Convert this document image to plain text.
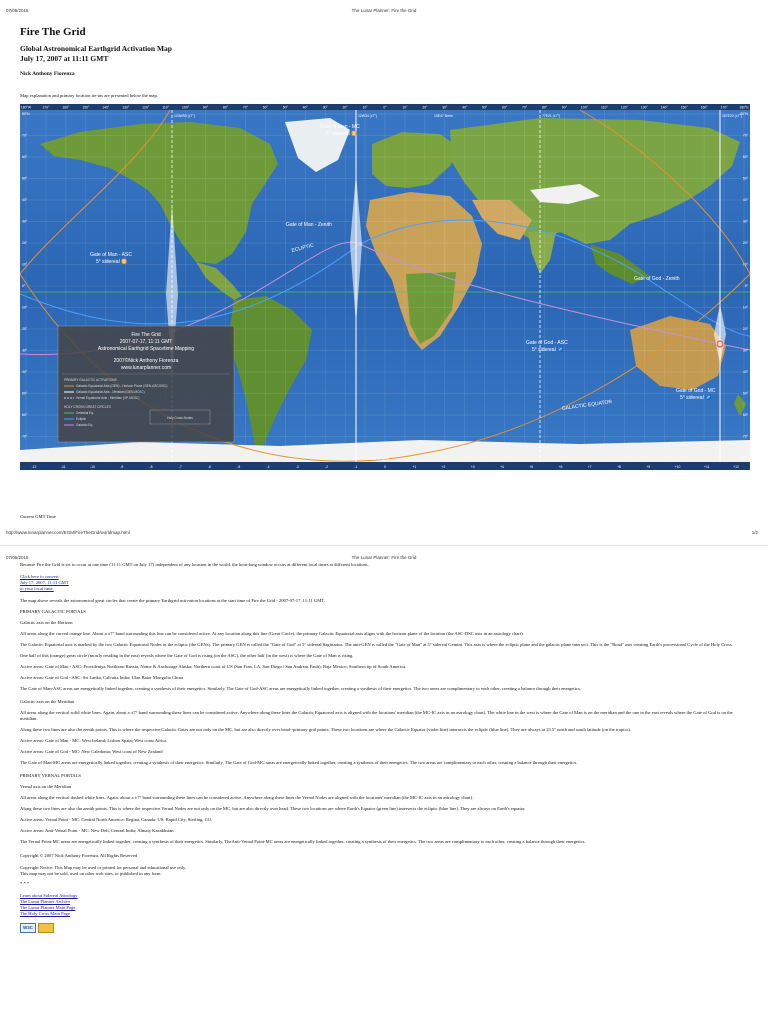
07/05/2015	The Lunar Planner: Fire the Grid
Fire The Grid
Global Astronomical Earthgrid Activation Map
July 17, 2007 at 11:11 GMT
Nick Anthony Fiorenza
Map explanation and primary location tie-ins are presented below the map.
Gate of Man - MC
5° sidereal ♊
Gate of Man - Zenith
Gate of Man - ASC
5° sidereal ♊
ECLIPTIC
Gate of God - Zenith
Gate of God - ASC
5° sidereal ♐
Gate of God - MC
5° sidereal ♐
GALACTIC EQUATOR
TIME ZONES
Fire The Grid
2007-07-17, 11:11 GMT
Astronomical Earthgrid Spacetime Mapping
2007©Nick Anthony Fiorenza
www.lunarplanner.com
PRIMARY GALACTIC ACTIVATIONS
Galactic Equatorial Axis (GEN) - Horizon Plane (GEN-ASC/DSC)
Galactic Equatorial Axis - Meridian (GEN-MC/IC)
Vernal Equatorial Axis - Meridian (VP-MC/IC)
HOLY CROSS GREAT CIRCLES
Celestial Eq.
Ecliptic
Galactic Eq.
Holy Cross Nodes
180°W	170°	160°	150°	140°	130°	120°	110°	100°	90°	80°	70°	60°	50°	40°	30°	20°	10°	0°	10°	20°	30°	40°	50°	60°	70°	80°	90°	100°	110°	120°	130°	140°	150°	160°	170°	180°E
-12	-11	-10	-9	-8	-7	-6	-5	-4	-3	-2	-1	0	+1	+2	+3	+4	+5	+6	+7	+8	+9	+10	+11	+12
80°N	80°N
70°	70°
60°	60°
50°	50°
40°	40°
30°	30°
20°	20°
10°	10°
0°	0°
10°	10°
20°	20°
30°	30°
40°	40°
50°	50°
60°	60°
70°	70°
80°S	80°S
103W90 (±7°)	12W34 (±7°)	15E47 Nerm	77E21 (±7°)	167E20 (±7°)
Current GMT Time
http://www.lunarplanner.com/EGM/FireTheGrid/worldmap.html	1/2
07/05/2015	The Lunar Planner: Fire the Grid

Because Fire the Grid is set to occur at one time (11:11 GMT on July 17) independent of any location in the world, the hour-long window occurs at different local times at different locations.

Click here to convert
July 17, 2007, 11:11 GMT
to your local time.

The map above reveals the astronomical great circles that create the primary Earthgrid activation locations at the start time of Fire the Grid - 2007-07-17, 11:11 GMT.

PRIMARY GALACTIC PORTALS

Galactic axis on the Horizon

All areas along the curved orange line. About a ±7° band surrounding this line can be considered active. At any location along this line (Great Circle), the primary Galactic Equatorial axis aligns with the horizon plane of the location (the ASC-DSC axis in an astrology chart).

The Galactic Equatorial axis is marked by the two Galactic Equatorial Nodes in the ecliptic (the GENs). The primary GEN is called the "Gate of God" at 5° sidereal Sagittarius. The anti-GEN is called the "Gate of Man" at 5° sidereal Gemini. This axis is where the ecliptic plane and the galactic plane intersect. This is the "Road" axis creating Earth's processional Cycle of the Holy Cross.

One half of this (orange) great circle (mostly residing in the east) reveals where the Gate of God is rising (on the ASC), the other half (in the west) is where the Gate of Man is rising.

Active areas: Gate of Man - ASC: Providentya Northeast Russia; Nome & Anchorage Alaska; Northern coast of US (San Fran, LA, San Diego / San Andreas Fault); Baja Mexico; Southern tip of South America.

Active areas: Gate of God - ASC: Sri Lanka, Calcutta India; Ulan Bator Mongolia China

The Gate of Man-ASC areas are energetically linked together, creating a synthesis of their energetics. Similarly, The Gate of God-ASC areas are energetically linked together, creating a synthesis of their energetics. The two areas are complimentary to each other, creating a balance through their energetics.

Galactic axis on the Meridian

All areas along the vertical solid white lines. Again, about a ±7° band surrounding these lines can be considered active. Anywhere along these lines the Galactic Equatorial axis is aligned with the locations' meridian (the MC-IC axis in an astrology chart). The white line in the west is where the Gate of Man is on the meridian and the one in the east reveals where the Gate of God is on the meridian.

Along these two lines are also the zenith points. This is where the respective Galactic Gates are not only on the MC, but are also directly over head--primary grid points. These two locations are where the Galactic Equator (violet line) intersects the ecliptic (blue line). They are always at 23.5° north and south latitude (on the tropics).

Active areas: Gate of Man - MC: West Ireland; Lisbon Spain; West coast Africa

Active areas: Gate of God - MC: New Caledonia; West coast of New Zealand

The Gate of Man-MC areas are energetically linked together, creating a synthesis of their energetics. Similarly, The Gate of God-MC areas are energetically linked together, creating a synthesis of their energetics. The two areas are complimentary to each other, creating a balance through their energetics.

PRIMARY VERNAL PORTALS

Vernal axis on the Meridian

All areas along the vertical dashed white lines. Again, about a ±7° band surrounding these lines can be considered active. Anywhere along these lines the Vernal Nodes are aligned with the locations' meridian (the MC-IC axis in an astrology chart).

Along these two lines are also the zenith points. This is where the respective Vernal Nodes are not only on the MC, but are also directly over head. These two locations are where Earth's Equator (green line) intersects the ecliptic (blue line). They are always on Earth's equator.

Active areas: Vernal Point - MC: Central North America: Regina, Canada; US: Rapid City, Sterling, CO,

Active areas: Anti-Vernal Point - MC: New Deli, Central India; Almaty Kazakhstan

The Vernal Point-MC areas are energetically linked together, creating a synthesis of their energetics. Similarly, TheAnti-Vernal Point-MC areas are energetically linked together, creating a synthesis of their energetics. The two areas are complimentary to each other, creating a balance through their energetics.

Copyright © 2007 Nick Anthony Fiorenza, All Rights Reserved

Copyright Notice: This Map may be used or printed for personal and educational use only.

This map may not be sold, used on other web sites, or published in any form.

* * *

Learn about Sidereal Astrology
The Lunar Planner Archive
The Lunar Planner Main Page
The Holy Cross Main Page
W3C
